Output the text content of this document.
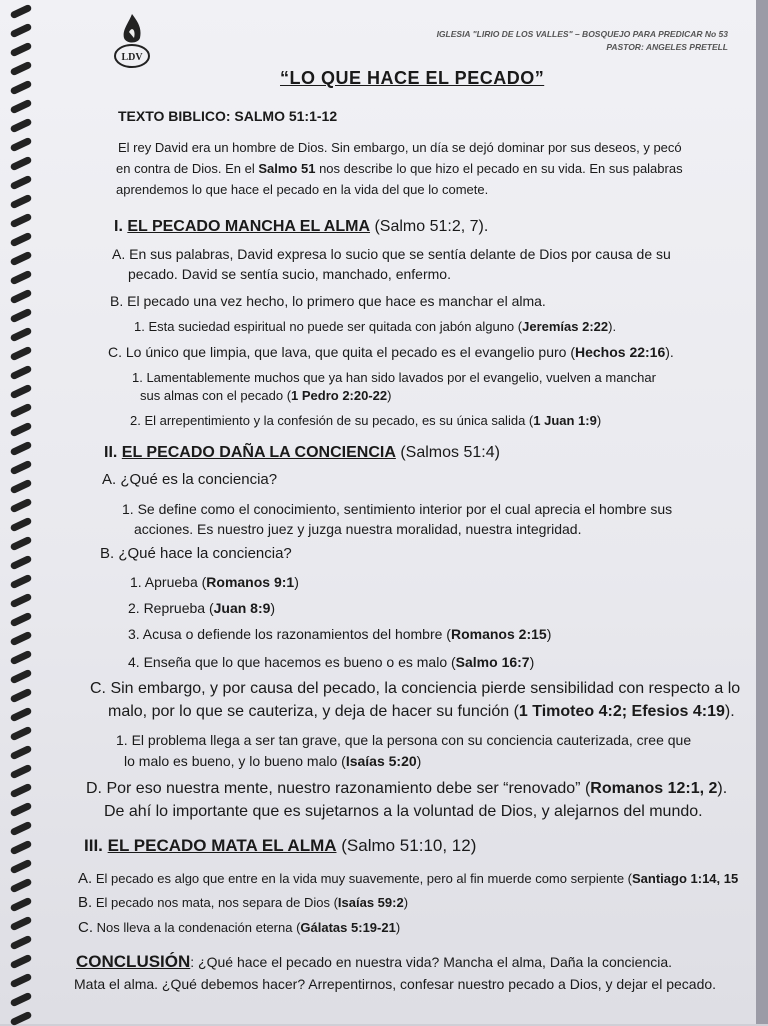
LDV
IGLESIA "LIRIO DE LOS VALLES" – BOSQUEJO PARA PREDICAR No 53
PASTOR: ANGELES PRETELL
“LO QUE HACE EL PECADO”
TEXTO BIBLICO: SALMO 51:1-12
El rey David era un hombre de Dios. Sin embargo, un día se dejó dominar por sus deseos, y pecó
en contra de Dios. En el Salmo 51 nos describe lo que hizo el pecado en su vida. En sus palabras
aprendemos lo que hace el pecado en la vida del que lo comete.
I. EL PECADO MANCHA EL ALMA (Salmo 51:2, 7).
A. En sus palabras, David expresa lo sucio que se sentía delante de Dios por causa de su
pecado. David se sentía sucio, manchado, enfermo.
B. El pecado una vez hecho, lo primero que hace es manchar el alma.
1. Esta suciedad espiritual no puede ser quitada con jabón alguno (Jeremías 2:22).
C. Lo único que limpia, que lava, que quita el pecado es el evangelio puro (Hechos 22:16).
1. Lamentablemente muchos que ya han sido lavados por el evangelio, vuelven a manchar
sus almas con el pecado (1 Pedro 2:20-22)
2. El arrepentimiento y la confesión de su pecado, es su única salida (1 Juan 1:9)
II. EL PECADO DAÑA LA CONCIENCIA (Salmos 51:4)
A. ¿Qué es la conciencia?
1. Se define como el conocimiento, sentimiento interior por el cual aprecia el hombre sus
acciones. Es nuestro juez y juzga nuestra moralidad, nuestra integridad.
B. ¿Qué hace la conciencia?
1. Aprueba (Romanos 9:1)
2. Reprueba (Juan 8:9)
3. Acusa o defiende los razonamientos del hombre (Romanos 2:15)
4. Enseña que lo que hacemos es bueno o es malo (Salmo 16:7)
C. Sin embargo, y por causa del pecado, la conciencia pierde sensibilidad con respecto a lo
malo, por lo que se cauteriza, y deja de hacer su función (1 Timoteo 4:2; Efesios 4:19).
1. El problema llega a ser tan grave, que la persona con su conciencia cauterizada, cree que
lo malo es bueno, y lo bueno malo (Isaías 5:20)
D. Por eso nuestra mente, nuestro razonamiento debe ser “renovado” (Romanos 12:1, 2).
De ahí lo importante que es sujetarnos a la voluntad de Dios, y alejarnos del mundo.
III. EL PECADO MATA EL ALMA (Salmo 51:10, 12)
A. El pecado es algo que entre en la vida muy suavemente, pero al fin muerde como serpiente (Santiago 1:14, 15
B. El pecado nos mata, nos separa de Dios (Isaías 59:2)
C. Nos lleva a la condenación eterna (Gálatas 5:19-21)
CONCLUSIÓN: ¿Qué hace el pecado en nuestra vida? Mancha el alma, Daña la conciencia.
Mata el alma. ¿Qué debemos hacer? Arrepentirnos, confesar nuestro pecado a Dios, y dejar el pecado.
